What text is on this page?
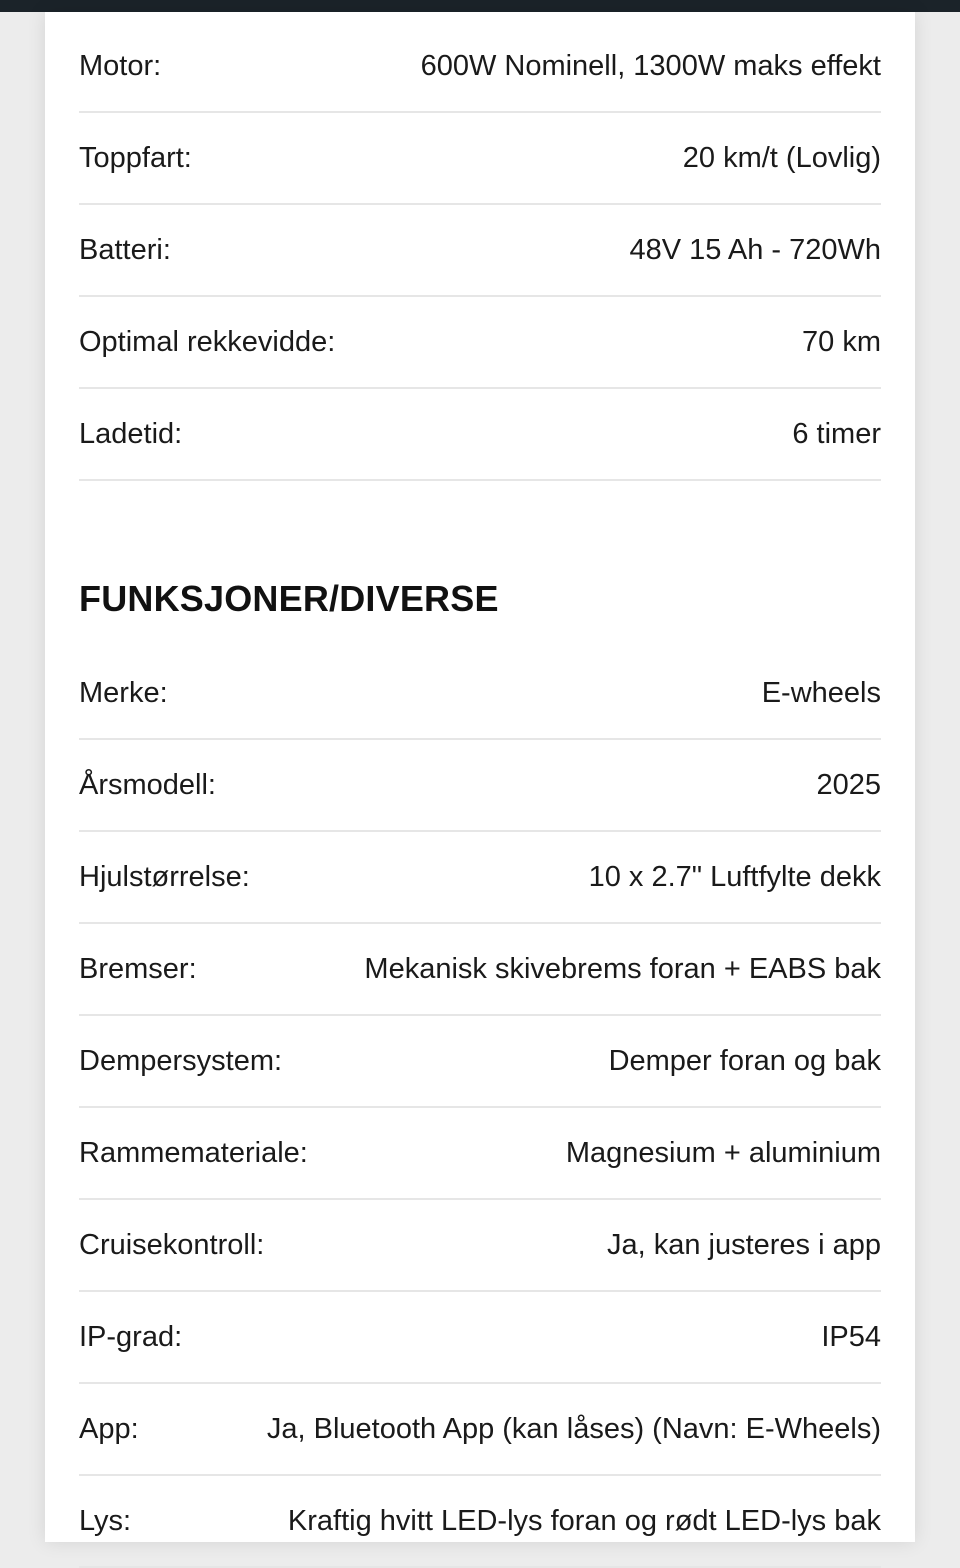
Motor:	600W Nominell, 1300W maks effekt
Toppfart:	20 km/t (Lovlig)
Batteri:	48V 15 Ah - 720Wh
Optimal rekkevidde:	70 km
Ladetid:	6 timer
FUNKSJONER/DIVERSE
Merke:	E-wheels
Årsmodell:	2025
Hjulstørrelse:	10 x 2.7" Luftfylte dekk
Bremser:	Mekanisk skivebrems foran + EABS bak
Dempersystem:	Demper foran og bak
Rammemateriale:	Magnesium + aluminium
Cruisekontroll:	Ja, kan justeres i app
IP-grad:	IP54
App:	Ja, Bluetooth App (kan låses) (Navn: E-Wheels)
Lys:	Kraftig hvitt LED-lys foran og rødt LED-lys bak
